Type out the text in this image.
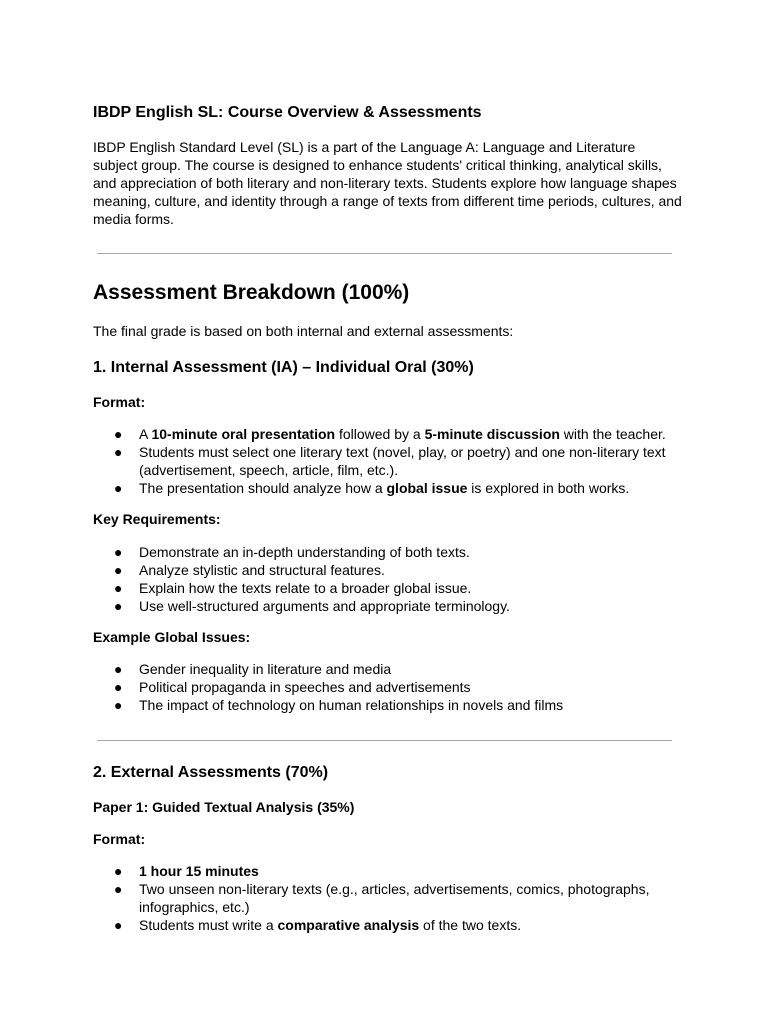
IBDP English SL: Course Overview & Assessments

IBDP English Standard Level (SL) is a part of the Language A: Language and Literature subject group. The course is designed to enhance students' critical thinking, analytical skills, and appreciation of both literary and non-literary texts. Students explore how language shapes meaning, culture, and identity through a range of texts from different time periods, cultures, and media forms.

Assessment Breakdown (100%)

The final grade is based on both internal and external assessments:

1. Internal Assessment (IA) – Individual Oral (30%)

Format:

● A 10-minute oral presentation followed by a 5-minute discussion with the teacher.
● Students must select one literary text (novel, play, or poetry) and one non-literary text (advertisement, speech, article, film, etc.).
● The presentation should analyze how a global issue is explored in both works.

Key Requirements:

● Demonstrate an in-depth understanding of both texts.
● Analyze stylistic and structural features.
● Explain how the texts relate to a broader global issue.
● Use well-structured arguments and appropriate terminology.

Example Global Issues:

● Gender inequality in literature and media
● Political propaganda in speeches and advertisements
● The impact of technology on human relationships in novels and films
2. External Assessments (70%)

Paper 1: Guided Textual Analysis (35%)

Format:

● 1 hour 15 minutes
● Two unseen non-literary texts (e.g., articles, advertisements, comics, photographs, infographics, etc.)
● Students must write a comparative analysis of the two texts.
